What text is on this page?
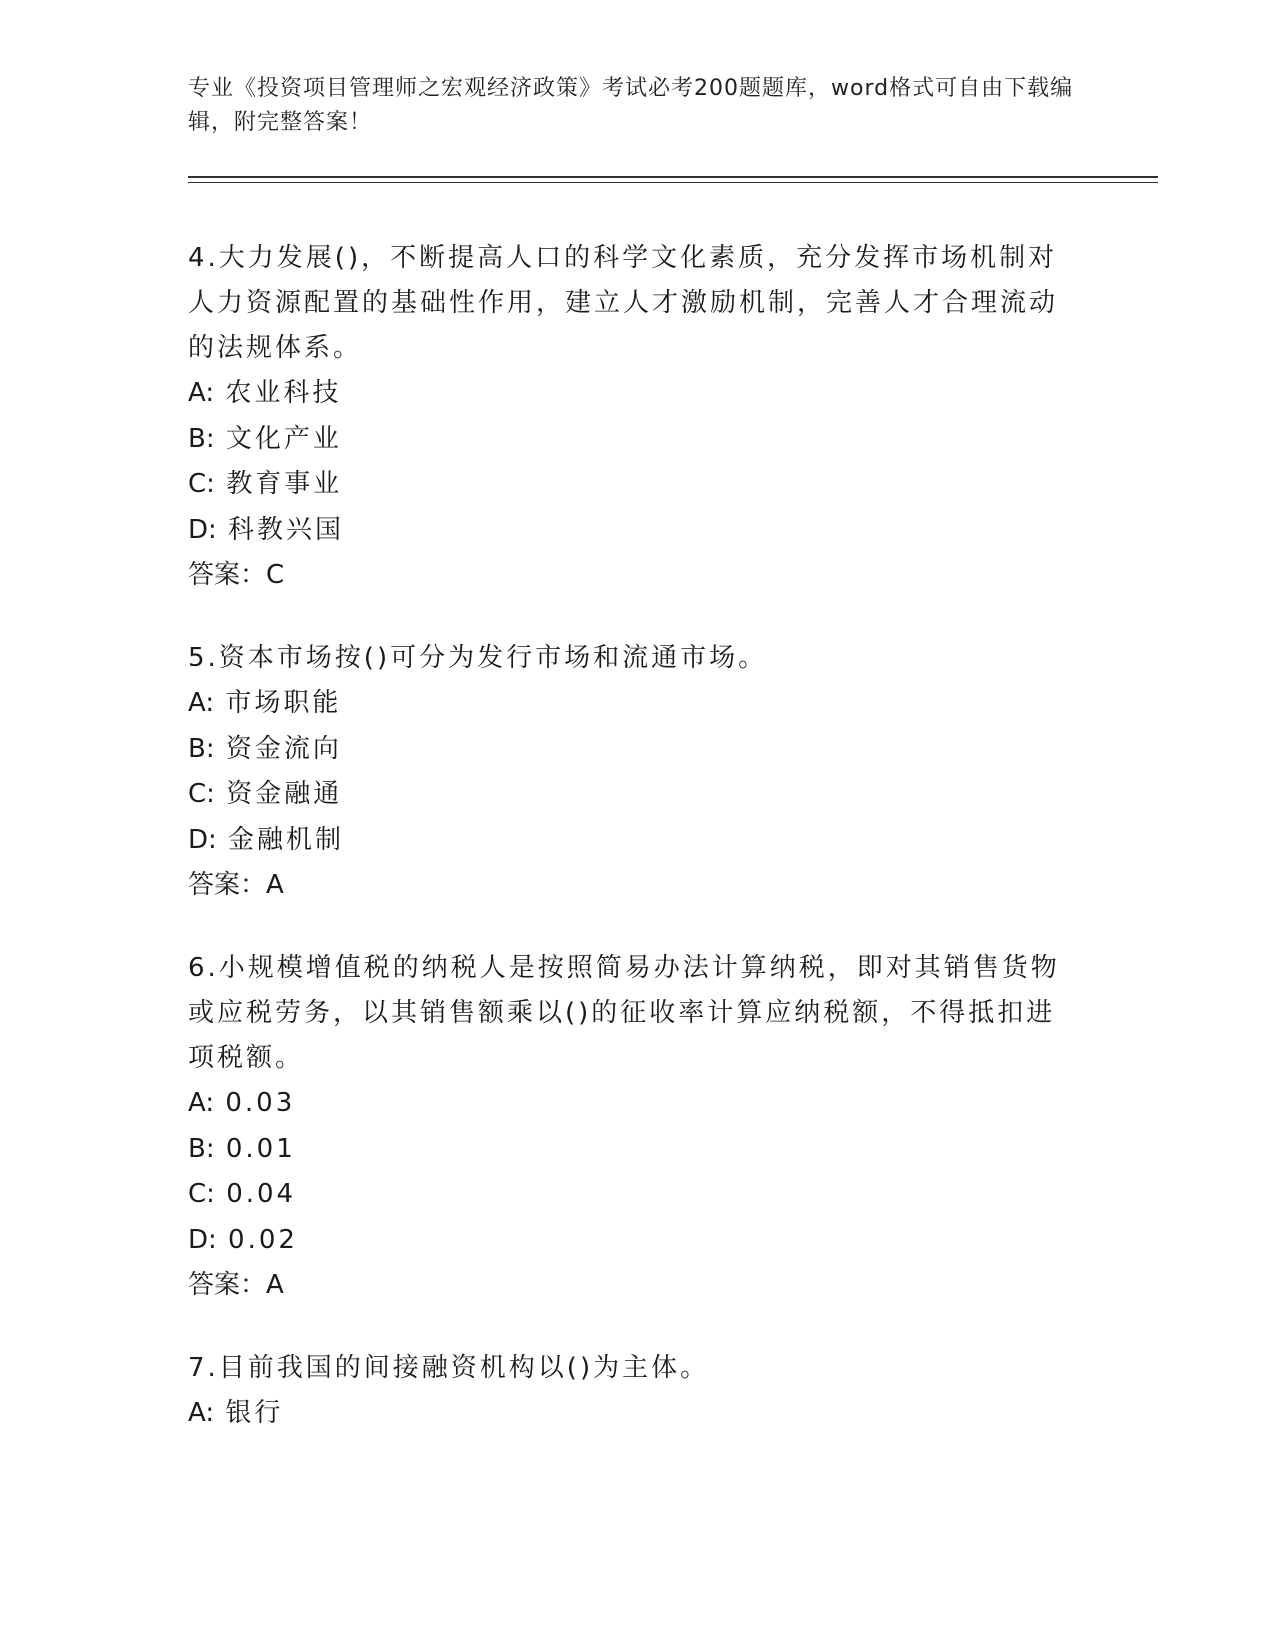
专业《投资项目管理师之宏观经济政策》考试必考200题题库，word格式可自由下载编辑，附完整答案！

4.大力发展()，不断提高人口的科学文化素质，充分发挥市场机制对人力资源配置的基础性作用，建立人才激励机制，完善人才合理流动的法规体系。

A: 农业科技

B: 文化产业

C: 教育事业

D: 科教兴国

答案：C

5.资本市场按()可分为发行市场和流通市场。

A: 市场职能

B: 资金流向

C: 资金融通

D: 金融机制

答案：A

6.小规模增值税的纳税人是按照简易办法计算纳税，即对其销售货物或应税劳务，以其销售额乘以()的征收率计算应纳税额，不得抵扣进项税额。

A: 0.03

B: 0.01

C: 0.04

D: 0.02

答案：A

7.目前我国的间接融资机构以()为主体。

A: 银行
